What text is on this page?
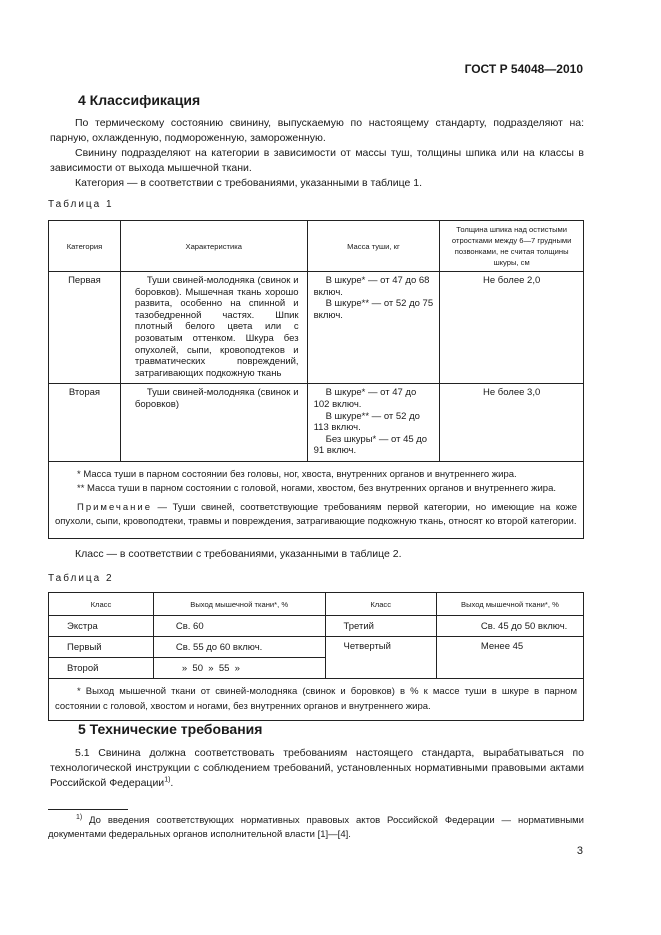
ГОСТ Р 54048—2010
4 Классификация

По термическому состоянию свинину, выпускаемую по настоящему стандарту, подразделяют на: парную, охлажденную, подмороженную, замороженную.

Свинину подразделяют на категории в зависимости от массы туш, толщины шпика или на классы в зависимости от выхода мышечной ткани.

Категория — в соответствии с требованиями, указанными в таблице 1.

Таблица 1
Категория	Характеристика	Масса туши, кг	Толщина шпика над остистыми отростками между 6—7 грудными позвонками, не считая толщины шкуры, см
Первая	Туши свиней-молодняка (свинок и боровков). Мышечная ткань хорошо развита, особенно на спинной и тазобедренной частях. Шпик плотный белого цвета или с розоватым оттенком. Шкура без опухолей, сыпи, кровоподтеков и травматических повреждений, затрагивающих подкожную ткань	В шкуре* — от 47 до 68 включ.

В шкуре** — от 52 до 75 включ.	Не более 2,0
Вторая	Туши свиней-молодняка (свинок и боровков)	В шкуре* — от 47 до 102 включ.

В шкуре** — от 52 до 113 включ.

Без шкуры* — от 45 до 91 включ.	Не более 3,0

* Масса туши в парном состоянии без головы, ног, хвоста, внутренних органов и внутреннего жира.

** Масса туши в парном состоянии с головой, ногами, хвостом, без внутренних органов и внутреннего жира.

Примечание — Туши свиней, соответствующие требованиям первой категории, но имеющие на коже опухоли, сыпи, кровоподтеки, травмы и повреждения, затрагивающие подкожную ткань, относят ко второй категории.			

Класс — в соответствии с требованиями, указанными в таблице 2.

Таблица 2

$^{1)}$ До введения соответствующих нормативных правовых актов Российской Федерации — нормативными документами федеральных органов исполнительной власти [1]—[4].

5 Технические требования

5.1 Свинина должна соответствовать требованиям настоящего стандарта, вырабатываться по технологической инструкции с соблюдением требований, установленных нормативными правовыми актами Российской Федерации$^{1)}$.

3
Класс	Выход мышечной ткани*, %	Класс	Выход мышечной ткани*, %
Экстра	Св. 60	Третий	Св. 45 до 50 включ.
Первый	Св. 55 до 60 включ.	Четвертый	Менее 45
Второй	»  50  »  55  »		

* Выход мышечной ткани от свиней-молодняка (свинок и боровков) в % к массе туши в шкуре в парном состоянии с головой, хвостом и ногами, без внутренних органов и внутреннего жира.			
